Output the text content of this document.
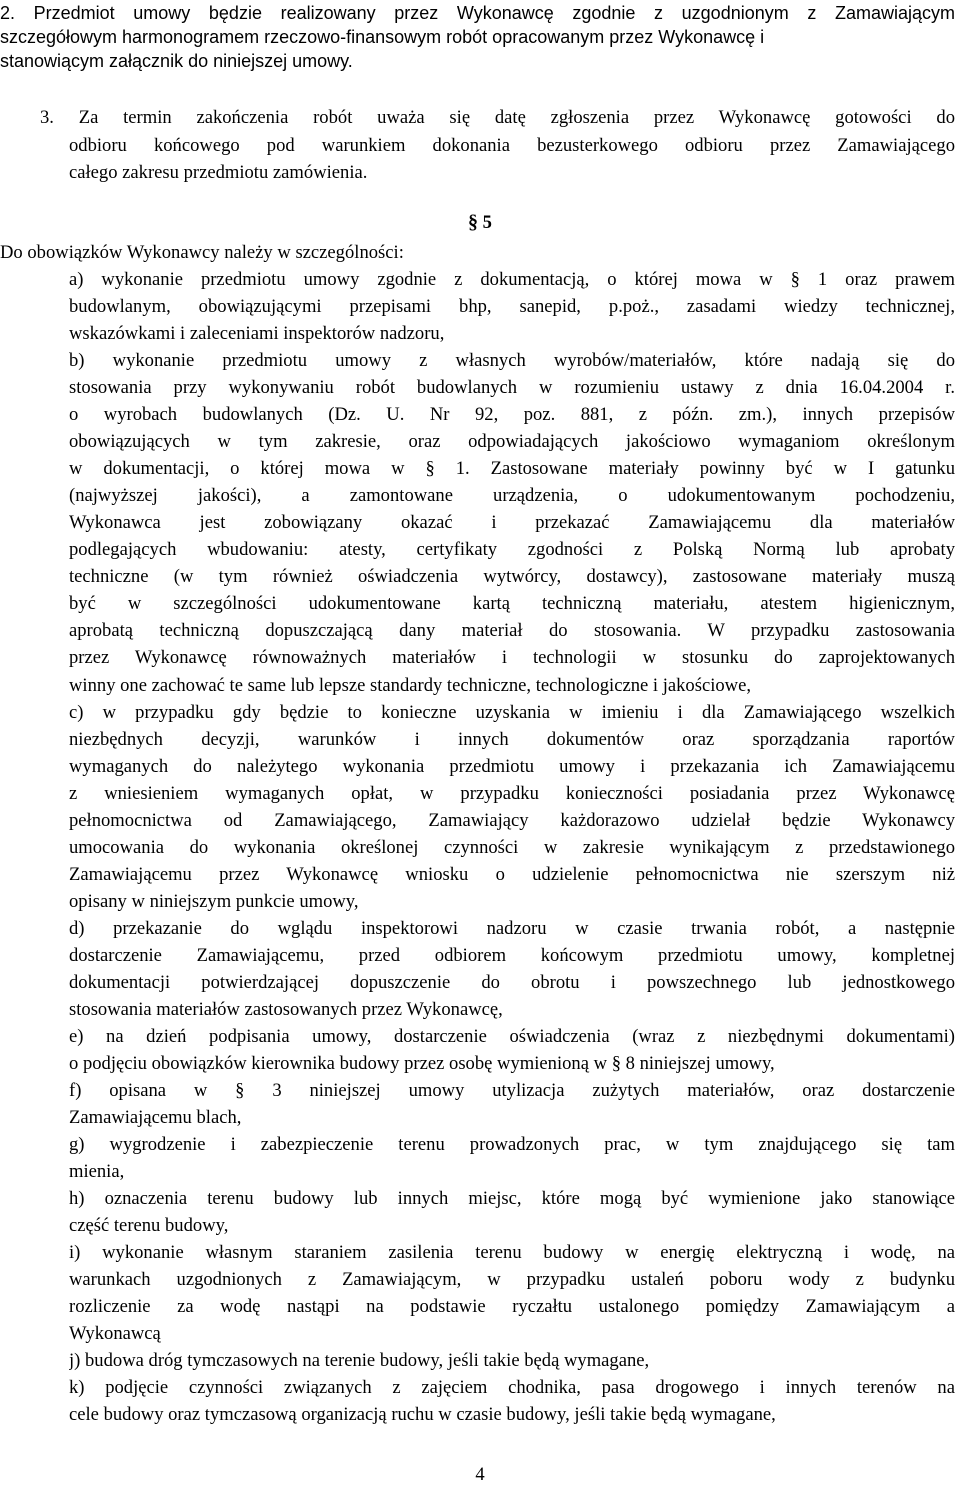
2. Przedmiot umowy będzie realizowany przez Wykonawcę zgodnie z uzgodnionym z Zamawiającym
szczegółowym harmonogramem rzeczowo-finansowym robót opracowanym przez Wykonawcę i
stanowiącym załącznik do niniejszej umowy.
3. Za termin zakończenia robót uważa się datę zgłoszenia przez Wykonawcę gotowości do
odbioru końcowego pod warunkiem dokonania bezusterkowego odbioru przez Zamawiającego
całego zakresu przedmiotu zamówienia.
§ 5
Do obowiązków Wykonawcy należy w szczególności:
a) wykonanie przedmiotu umowy zgodnie z dokumentacją, o której mowa w § 1 oraz prawem
budowlanym, obowiązującymi przepisami bhp, sanepid, p.poż., zasadami wiedzy technicznej,
wskazówkami i zaleceniami inspektorów nadzoru,
b) wykonanie przedmiotu umowy z własnych wyrobów/materiałów, które nadają się do
stosowania przy wykonywaniu robót budowlanych w rozumieniu ustawy z dnia 16.04.2004 r.
o wyrobach budowlanych (Dz. U. Nr 92, poz. 881, z późn. zm.), innych przepisów
obowiązujących w tym zakresie, oraz odpowiadających jakościowo wymaganiom określonym
w dokumentacji, o której mowa w § 1. Zastosowane materiały powinny być w I gatunku
(najwyższej jakości), a zamontowane urządzenia, o udokumentowanym pochodzeniu,
Wykonawca jest zobowiązany okazać i przekazać Zamawiającemu dla materiałów
podlegających wbudowaniu: atesty, certyfikaty zgodności z Polską Normą lub aprobaty
techniczne (w tym również oświadczenia wytwórcy, dostawcy), zastosowane materiały muszą
być w szczególności udokumentowane kartą techniczną materiału, atestem higienicznym,
aprobatą techniczną dopuszczającą dany materiał do stosowania. W przypadku zastosowania
przez Wykonawcę równoważnych materiałów i technologii w stosunku do zaprojektowanych
winny one zachować te same lub lepsze standardy techniczne, technologiczne i jakościowe,
c) w przypadku gdy będzie to konieczne uzyskania w imieniu i dla Zamawiającego wszelkich
niezbędnych decyzji, warunków i innych dokumentów oraz sporządzania raportów
wymaganych do należytego wykonania przedmiotu umowy i przekazania ich Zamawiającemu
z wniesieniem wymaganych opłat, w przypadku konieczności posiadania przez Wykonawcę
pełnomocnictwa od Zamawiającego, Zamawiający każdorazowo udzielał będzie Wykonawcy
umocowania do wykonania określonej czynności w zakresie wynikającym z przedstawionego
Zamawiającemu przez Wykonawcę wniosku o udzielenie pełnomocnictwa nie szerszym niż
opisany w niniejszym punkcie umowy,
d) przekazanie do wglądu inspektorowi nadzoru w czasie trwania robót, a następnie
dostarczenie Zamawiającemu, przed odbiorem końcowym przedmiotu umowy, kompletnej
dokumentacji potwierdzającej dopuszczenie do obrotu i powszechnego lub jednostkowego
stosowania materiałów zastosowanych przez Wykonawcę,
e) na dzień podpisania umowy, dostarczenie oświadczenia (wraz z niezbędnymi dokumentami)
o podjęciu obowiązków kierownika budowy przez osobę wymienioną w § 8 niniejszej umowy,
f) opisana w § 3 niniejszej umowy utylizacja zużytych materiałów, oraz dostarczenie
Zamawiającemu blach,
g) wygrodzenie i zabezpieczenie terenu prowadzonych prac, w tym znajdującego się tam
mienia,
h) oznaczenia terenu budowy lub innych miejsc, które mogą być wymienione jako stanowiące
część terenu budowy,
i) wykonanie własnym staraniem zasilenia terenu budowy w energię elektryczną i wodę, na
warunkach uzgodnionych z Zamawiającym, w przypadku ustaleń poboru wody z budynku
rozliczenie za wodę nastąpi na podstawie ryczałtu ustalonego pomiędzy Zamawiającym a
Wykonawcą
j) budowa dróg tymczasowych na terenie budowy, jeśli takie będą wymagane,
k) podjęcie czynności związanych z zajęciem chodnika, pasa drogowego i innych terenów na
cele budowy oraz tymczasową organizacją ruchu w czasie budowy, jeśli takie będą wymagane,
4
